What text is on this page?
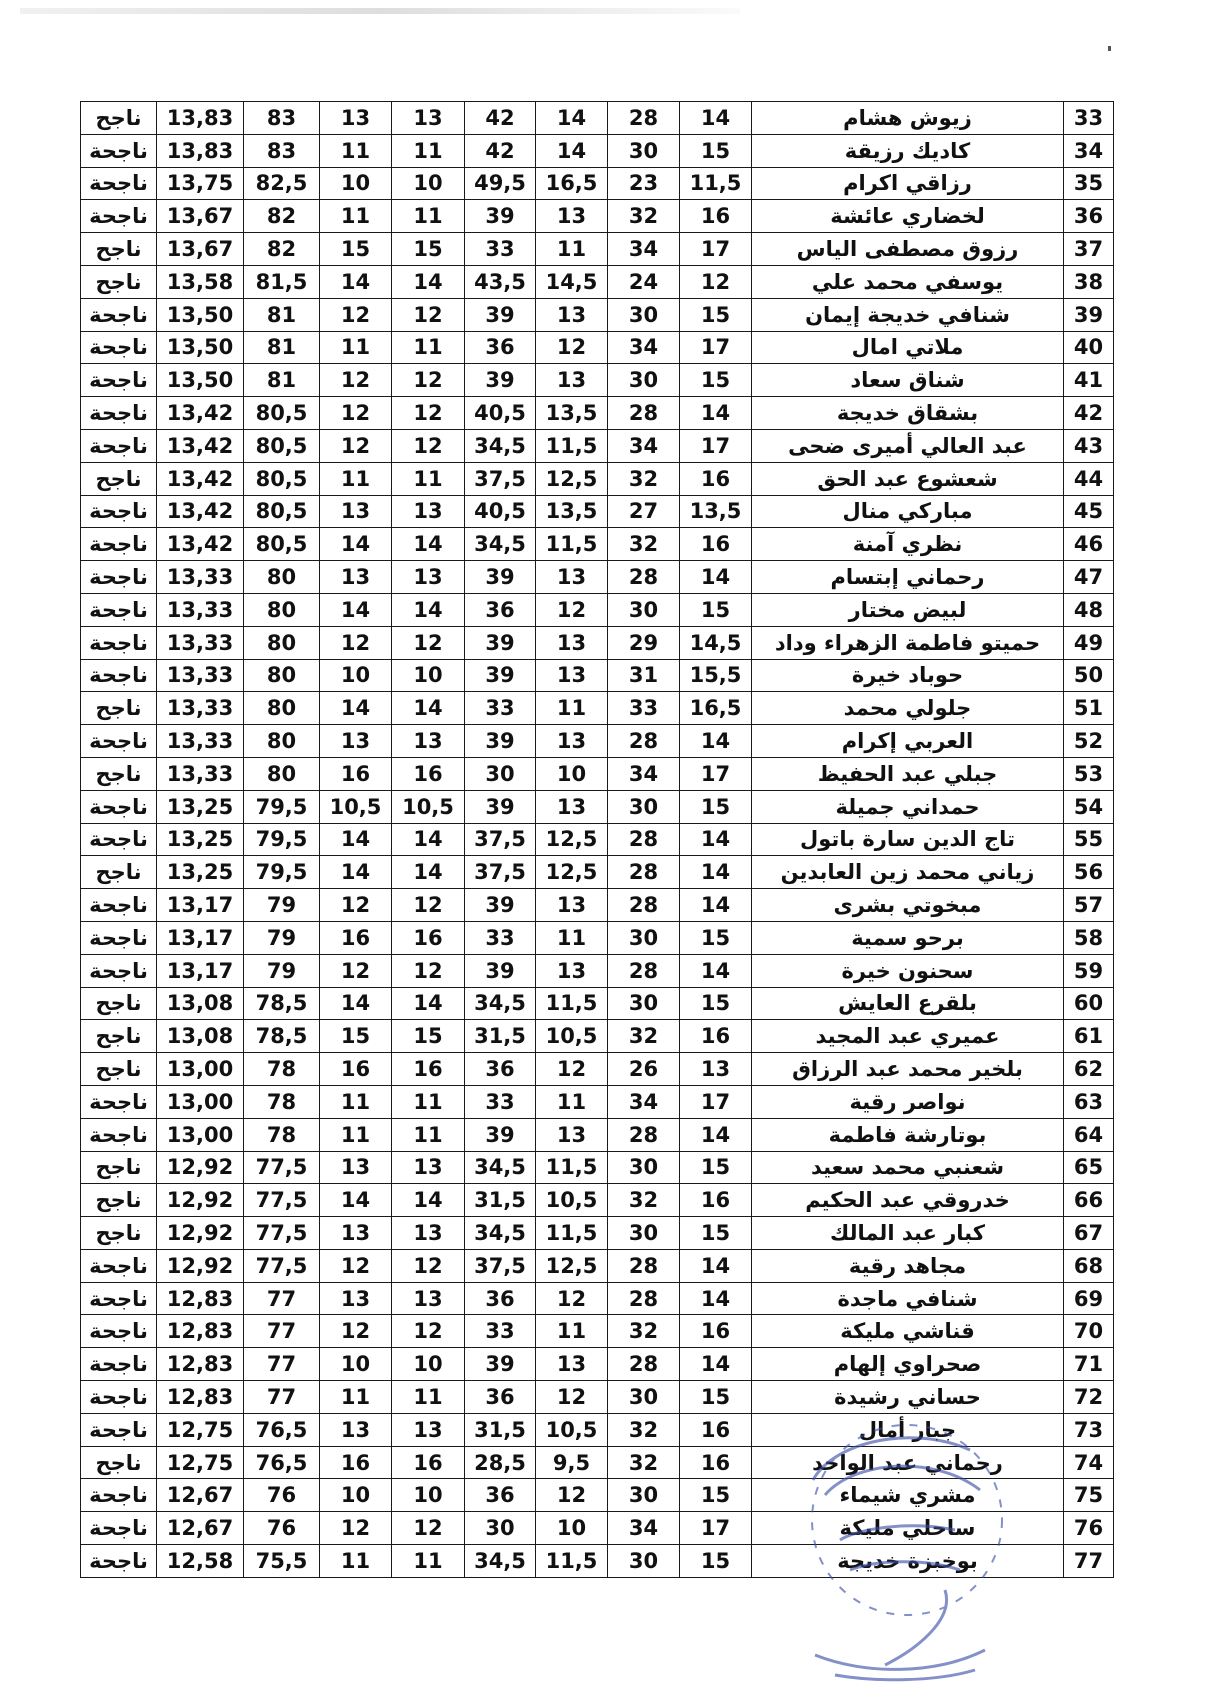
ناجح	13,83	83	13	13	42	14	28	14	زيوش هشام	33
ناجحة	13,83	83	11	11	42	14	30	15	كاديك رزيقة	34
ناجحة	13,75	82,5	10	10	49,5	16,5	23	11,5	رزاقي اكرام	35
ناجحة	13,67	82	11	11	39	13	32	16	لخضاري عائشة	36
ناجح	13,67	82	15	15	33	11	34	17	رزوق مصطفى الياس	37
ناجح	13,58	81,5	14	14	43,5	14,5	24	12	يوسفي محمد علي	38
ناجحة	13,50	81	12	12	39	13	30	15	شنافي خديجة إيمان	39
ناجحة	13,50	81	11	11	36	12	34	17	ملاتي امال	40
ناجحة	13,50	81	12	12	39	13	30	15	شناق سعاد	41
ناجحة	13,42	80,5	12	12	40,5	13,5	28	14	بشقاق خديجة	42
ناجحة	13,42	80,5	12	12	34,5	11,5	34	17	عبد العالي أميرى ضحى	43
ناجح	13,42	80,5	11	11	37,5	12,5	32	16	شعشوع عبد الحق	44
ناجحة	13,42	80,5	13	13	40,5	13,5	27	13,5	مباركي منال	45
ناجحة	13,42	80,5	14	14	34,5	11,5	32	16	نظري آمنة	46
ناجحة	13,33	80	13	13	39	13	28	14	رحماني إبتسام	47
ناجحة	13,33	80	14	14	36	12	30	15	لبيض مختار	48
ناجحة	13,33	80	12	12	39	13	29	14,5	حميتو فاطمة الزهراء وداد	49
ناجحة	13,33	80	10	10	39	13	31	15,5	حوباد خيرة	50
ناجح	13,33	80	14	14	33	11	33	16,5	جلولي محمد	51
ناجحة	13,33	80	13	13	39	13	28	14	العربي إكرام	52
ناجح	13,33	80	16	16	30	10	34	17	جبلي عبد الحفيظ	53
ناجحة	13,25	79,5	10,5	10,5	39	13	30	15	حمداني جميلة	54
ناجحة	13,25	79,5	14	14	37,5	12,5	28	14	تاج الدين سارة باتول	55
ناجح	13,25	79,5	14	14	37,5	12,5	28	14	زياني محمد زين العابدين	56
ناجحة	13,17	79	12	12	39	13	28	14	مبخوتي بشرى	57
ناجحة	13,17	79	16	16	33	11	30	15	برحو سمية	58
ناجحة	13,17	79	12	12	39	13	28	14	سحنون خيرة	59
ناجح	13,08	78,5	14	14	34,5	11,5	30	15	بلقرع العايش	60
ناجح	13,08	78,5	15	15	31,5	10,5	32	16	عميري عبد المجيد	61
ناجح	13,00	78	16	16	36	12	26	13	بلخير محمد عبد الرزاق	62
ناجحة	13,00	78	11	11	33	11	34	17	نواصر رقية	63
ناجحة	13,00	78	11	11	39	13	28	14	بوتارشة فاطمة	64
ناجح	12,92	77,5	13	13	34,5	11,5	30	15	شعنبي محمد سعيد	65
ناجح	12,92	77,5	14	14	31,5	10,5	32	16	خدروقي عبد الحكيم	66
ناجح	12,92	77,5	13	13	34,5	11,5	30	15	كبار عبد المالك	67
ناجحة	12,92	77,5	12	12	37,5	12,5	28	14	مجاهد رقية	68
ناجحة	12,83	77	13	13	36	12	28	14	شنافي ماجدة	69
ناجحة	12,83	77	12	12	33	11	32	16	قناشي مليكة	70
ناجحة	12,83	77	10	10	39	13	28	14	صحراوي إلهام	71
ناجحة	12,83	77	11	11	36	12	30	15	حساني رشيدة	72
ناجحة	12,75	76,5	13	13	31,5	10,5	32	16	جبار أمال	73
ناجح	12,75	76,5	16	16	28,5	9,5	32	16	رحماني عبد الواحد	74
ناجحة	12,67	76	10	10	36	12	30	15	مشري شيماء	75
ناجحة	12,67	76	12	12	30	10	34	17	ساحلي مليكة	76
ناجحة	12,58	75,5	11	11	34,5	11,5	30	15	بوخبزة خديجة	77
